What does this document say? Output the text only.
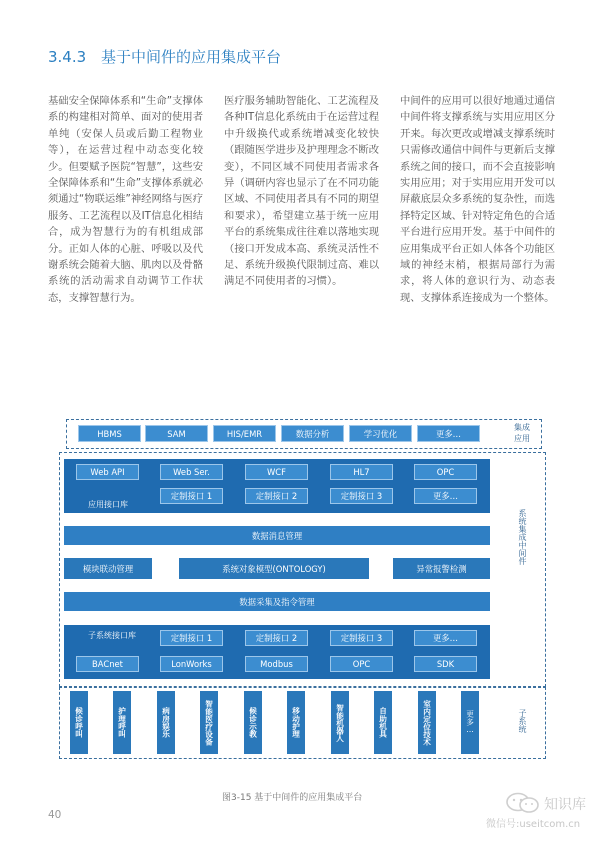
3.4.3 基于中间件的应用集成平台

基础安全保障体系和“生命”支撑体系的构建相对简单、面对的使用者单纯（安保人员或后勤工程物业等），在运营过程中动态变化较少。但要赋予医院“智慧”，这些安全保障体系和“生命”支撑体系就必须通过“物联运维”神经网络与医疗服务、工艺流程以及IT信息化相结合，成为智慧行为的有机组成部分。正如人体的心脏、呼吸以及代谢系统会随着大脑、肌肉以及骨骼系统的活动需求自动调节工作状态，支撑智慧行为。

医疗服务辅助智能化、工艺流程及各种IT信息化系统由于在运营过程中升级换代或系统增减变化较快（跟随医学进步及护理理念不断改变），不同区域不同使用者需求各异（调研内容也显示了在不同功能区域、不同使用者具有不同的期望和要求），希望建立基于统一应用平台的系统集成往往难以落地实现（接口开发成本高、系统灵活性不足、系统升级换代限制过高、难以满足不同使用者的习惯）。

中间件的应用可以很好地通过通信中间件将支撑系统与实用应用区分开来。每次更改或增减支撑系统时只需修改通信中间件与更新后支撑系统之间的接口，而不会直接影响实用应用；对于实用应用开发可以屏蔽底层众多系统的复杂性，而选择特定区域、针对特定角色的合适平台进行应用开发。基于中间件的应用集成平台正如人体各个功能区域的神经末梢，根据局部行为需求，将人体的意识行为、动态表现、支撑体系连接成为一个整体。

HBMS	SAM	HIS/EMR	数据分析	学习优化	更多…
集成
应用
系统集成中间件
Web API	Web Ser.	WCF	HL7	OPC
应用接口库
定制接口 1	定制接口 2	定制接口 3	更多…
数据消息管理
模块联动管理	系统对象模型(ONTOLOGY)	异常报警检测
数据采集及指令管理
子系统接口库	定制接口 1	定制接口 2	定制接口 3	更多…
BACnet	LonWorks	Modbus	OPC	SDK
子系统
候诊呼叫	护理呼叫	病房娱乐	智能医疗设备	候诊示教	移动护理	智能机器人	自助机具	室内定位技术	更多…
图3-15 基于中间件的应用集成平台
40
知识库
微信号:useitcom.cn
